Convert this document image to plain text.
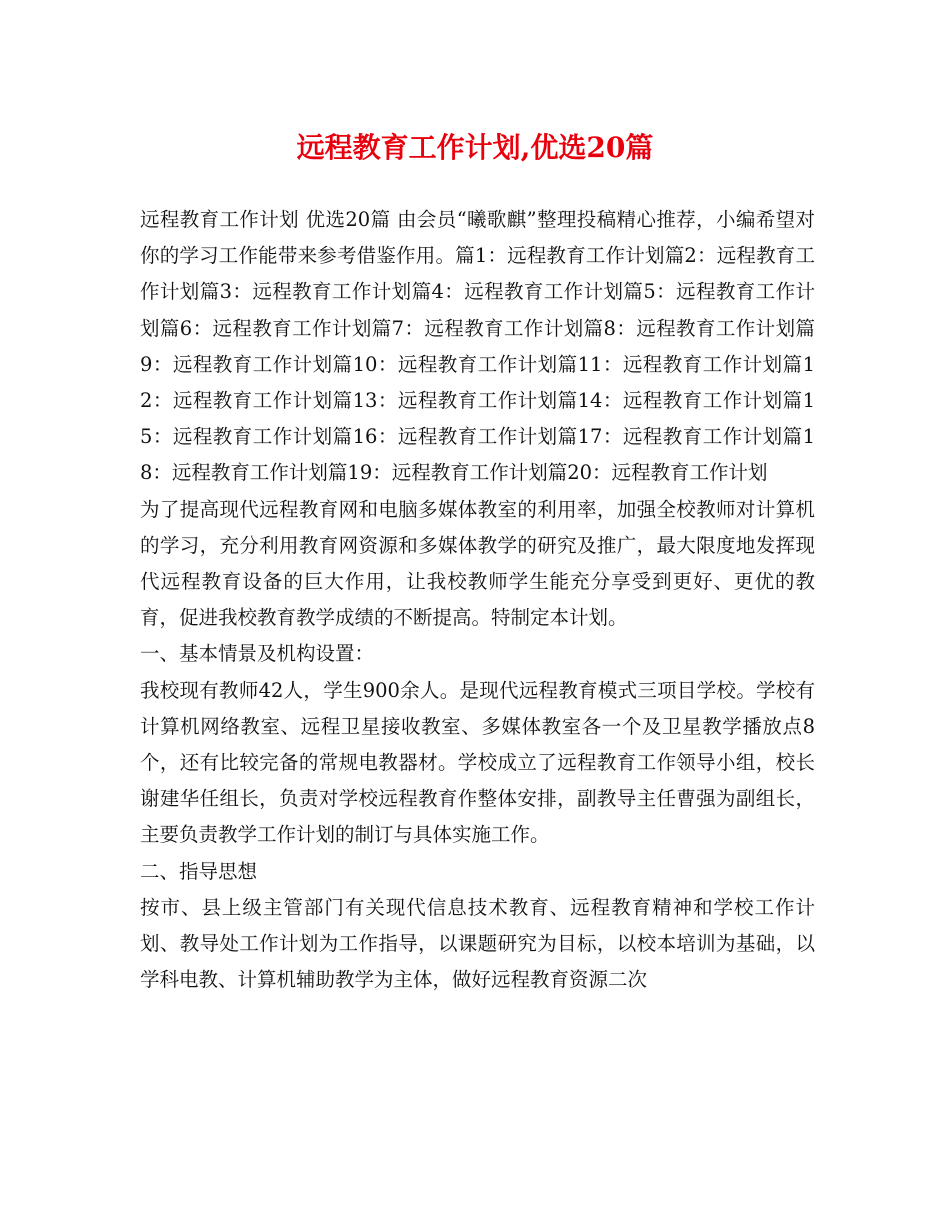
远程教育工作计划,优选20篇

远程教育工作计划 优选20篇 由会员“曦歌麒”整理投稿精心推荐，小编希望对你的学习工作能带来参考借鉴作用。篇1：远程教育工作计划篇2：远程教育工作计划篇3：远程教育工作计划篇4：远程教育工作计划篇5：远程教育工作计划篇6：远程教育工作计划篇7：远程教育工作计划篇8：远程教育工作计划篇9：远程教育工作计划篇10：远程教育工作计划篇11：远程教育工作计划篇12：远程教育工作计划篇13：远程教育工作计划篇14：远程教育工作计划篇15：远程教育工作计划篇16：远程教育工作计划篇17：远程教育工作计划篇18：远程教育工作计划篇19：远程教育工作计划篇20：远程教育工作计划

为了提高现代远程教育网和电脑多媒体教室的利用率，加强全校教师对计算机的学习，充分利用教育网资源和多媒体教学的研究及推广，最大限度地发挥现代远程教育设备的巨大作用，让我校教师学生能充分享受到更好、更优的教育，促进我校教育教学成绩的不断提高。特制定本计划。

一、基本情景及机构设置：

我校现有教师42人，学生900余人。是现代远程教育模式三项目学校。学校有计算机网络教室、远程卫星接收教室、多媒体教室各一个及卫星教学播放点8个，还有比较完备的常规电教器材。学校成立了远程教育工作领导小组，校长谢建华任组长，负责对学校远程教育作整体安排，副教导主任曹强为副组长，主要负责教学工作计划的制订与具体实施工作。

二、指导思想

按市、县上级主管部门有关现代信息技术教育、远程教育精神和学校工作计划、教导处工作计划为工作指导，以课题研究为目标，以校本培训为基础，以学科电教、计算机辅助教学为主体，做好远程教育资源二次
